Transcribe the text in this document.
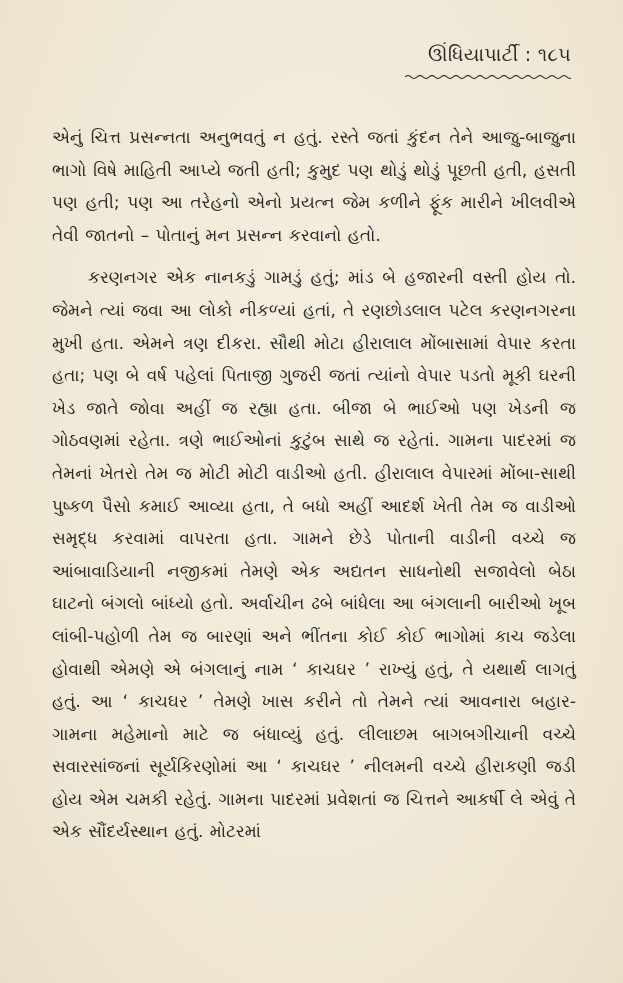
ઊંધિયાપાર્ટી : ૧૮૫

એનું ચિત્ત પ્રસન્નતા અનુભવતું ન હતું. રસ્તે જતાં કુંદન તેને આજુ-બાજુના ભાગો વિષે માહિતી આપ્યે જતી હતી; કુમુદ પણ થોડું થોડું પૂછતી હતી, હસતી પણ હતી; પણ આ તરેહનો એનો પ્રયત્ન જેમ કળીને ફૂંક મારીને ખીલવીએ તેવી જાતનો – પોતાનું મન પ્રસન્ન કરવાનો હતો.

કરણનગર એક નાનકડું ગામડું હતું; માંડ બે હજારની વસ્તી હોય તો. જેમને ત્યાં જવા આ લોકો નીકળ્યાં હતાં, તે રણછોડલાલ પટેલ કરણનગરના મુખી હતા. એમને ત્રણ દીકરા. સૌથી મોટા હીરાલાલ મોંબાસામાં વેપાર કરતા હતા; પણ બે વર્ષ પહેલાં પિતાજી ગુજરી જતાં ત્યાંનો વેપાર પડતો મૂકી ઘરની ખેડ જાતે જોવા અહીં જ રહ્યા હતા. બીજા બે ભાઈઓ પણ ખેડની જ ગોઠવણમાં રહેતા. ત્રણે ભાઈઓનાં કુટુંબ સાથે જ રહેતાં. ગામના પાદરમાં જ તેમનાં ખેતરો તેમ જ મોટી મોટી વાડીઓ હતી. હીરાલાલ વેપારમાં મોંબા-સાથી પુષ્કળ પૈસો કમાઈ આવ્યા હતા, તે બધો અહીં આદર્શ ખેતી તેમ જ વાડીઓ સમૃદ્ધ કરવામાં વાપરતા હતા. ગામને છેડે પોતાની વાડીની વચ્ચે જ આંબાવાડિયાની નજીકમાં તેમણે એક અદ્યતન સાધનોથી સજાવેલો બેઠા ઘાટનો બંગલો બાંધ્યો હતો. અર્વાચીન ઢબે બાંધેલા આ બંગલાની બારીઓ ખૂબ લાંબી-પહોળી તેમ જ બારણાં અને ભીંતના કોઈ કોઈ ભાગોમાં કાચ જડેલા હોવાથી એમણે એ બંગલાનું નામ ‘ કાચઘર ’ રાખ્યું હતું, તે યથાર્થ લાગતું હતું. આ ‘ કાચઘર ’ તેમણે ખાસ કરીને તો તેમને ત્યાં આવનારા બહાર-ગામના મહેમાનો માટે જ બંધાવ્યું હતું. લીલાછમ બાગબગીચાની વચ્ચે સવારસાંજનાં સૂર્યકિરણોમાં આ ‘ કાચઘર ’ નીલમની વચ્ચે હીરાકણી જડી હોય એમ ચમકી રહેતું. ગામના પાદરમાં પ્રવેશતાં જ ચિત્તને આકર્ષી લે એવું તે એક સૌંદર્યસ્થાન હતું. મોટરમાં
